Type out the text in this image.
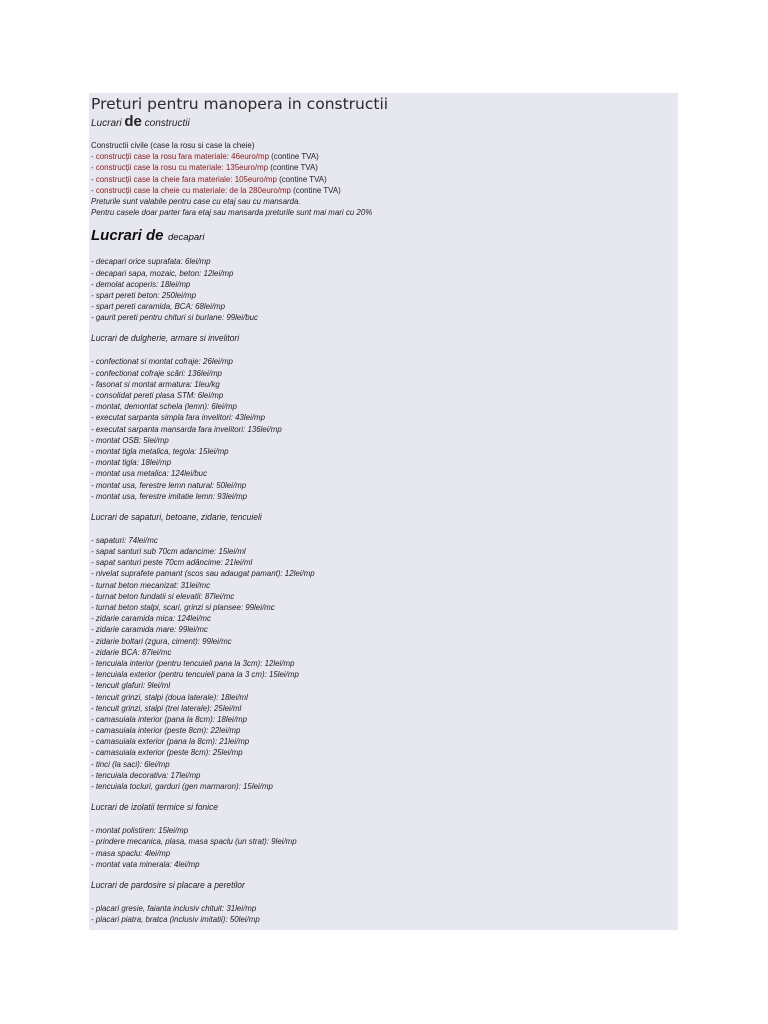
Preturi pentru manopera in constructii
Lucrari de constructii
Constructii civile (case la rosu si case la cheie)
- construcții case la rosu fara materiale: 46euro/mp (contine TVA)
- construcții case la rosu cu materiale: 135euro/mp (contine TVA)
- construcții case la cheie fara materiale: 105euro/mp (contine TVA)
- construcții case la cheie cu materiale: de la 280euro/mp (contine TVA)
Preturile sunt valabile pentru case cu etaj sau cu mansarda.
Pentru casele doar parter fara etaj sau mansarda preturile sunt mai mari cu 20%
Lucrari de decapari
- decapari orice suprafata: 6lei/mp
- decapari sapa, mozaic, beton: 12lei/mp
- demolat acoperis: 18lei/mp
- spart pereti beton: 250lei/mp
- spart pereti caramida, BCA: 68lei/mp
- gaurit pereti pentru chituri si burlane: 99lei/buc
Lucrari de dulgherie, armare si invelitori
- confectionat si montat cofraje: 26lei/mp
- confectionat cofraje scări: 136lei/mp
- fasonat si montat armatura: 1leu/kg
- consolidat pereti plasa STM: 6lei/mp
- montat, demontat schela (lemn): 6lei/mp
- executat sarpanta simpla fara invelitori: 43lei/mp
- executat sarpanta mansarda fara invelitori: 136lei/mp
- montat OSB: 5lei/mp
- montat tigla metalica, tegola: 15lei/mp
- montat tigla: 18lei/mp
- montat usa metalica: 124lei/buc
- montat usa, ferestre lemn natural: 50lei/mp
- montat usa, ferestre imitatie lemn: 93lei/mp
Lucrari de sapaturi, betoane, zidarie, tencuieli
- sapaturi: 74lei/mc
- sapat santuri sub 70cm adancime: 15lei/ml
- sapat santuri peste 70cm adâncime: 21lei/ml
- nivelat suprafete pamant (scos sau adaugat pamant): 12lei/mp
- turnat beton mecanizat: 31lei/mc
- turnat beton fundatii si elevatii: 87lei/mc
- turnat beton stalpi, scari, grinzi si plansee: 99lei/mc
- zidarie caramida mica: 124lei/mc
- zidarie caramida mare: 99lei/mc
- zidarie boltari (zgura, ciment): 99lei/mc
- zidarie BCA: 87lei/mc
- tencuiala interior (pentru tencuieli pana la 3cm): 12lei/mp
- tencuiala exterior (pentru tencuieli pana la 3 cm): 15lei/mp
- tencuit glafuri: 9lei/ml
- tencuit grinzi, stalpi (doua laterale): 18lei/ml
- tencuit grinzi, stalpi (trei laterale): 25lei/ml
- camasuiala interior (pana la 8cm): 18lei/mp
- camasuiala interior (peste 8cm): 22lei/mp
- camasuiala exterior (pana la 8cm): 21lei/mp
- camasuiala exterior (peste 8cm): 25lei/mp
- tinci (la saci): 6lei/mp
- tencuiala decorativa: 17lei/mp
- tencuiala tocluri, garduri (gen marmaron): 15lei/mp
Lucrari de izolatii termice si fonice
- montat polistiren: 15lei/mp
- prindere mecanica, plasa, masa spaclu (un strat): 9lei/mp
- masa spaclu: 4lei/mp
- montat vata minerala: 4lei/mp
Lucrari de pardosire si placare a peretilor
- placari gresie, faianta inclusiv chituit: 31lei/mp
- placari piatra, bratca (inclusiv imitatii): 50lei/mp
